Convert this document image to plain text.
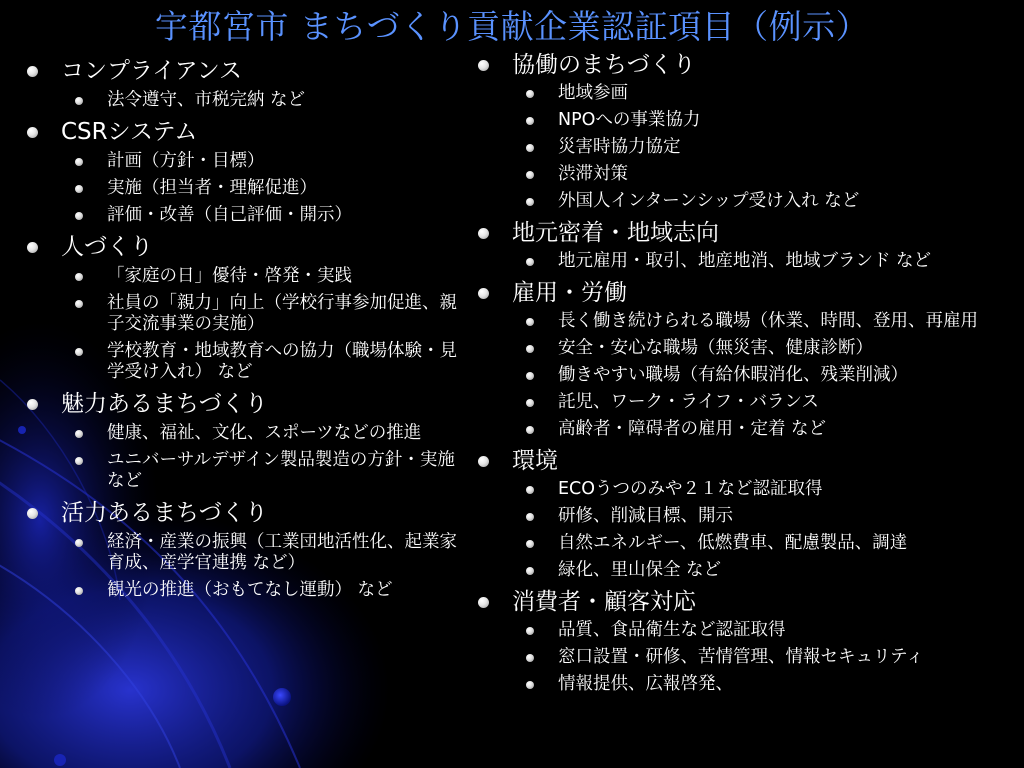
宇都宮市 まちづくり貢献企業認証項目（例示）
コンプライアンス
法令遵守、市税完納 など
CSRシステム
計画（方針・目標）
実施（担当者・理解促進）
評価・改善（自己評価・開示）
人づくり
「家庭の日」優待・啓発・実践
社員の「親力」向上（学校行事参加促進、親子交流事業の実施）
学校教育・地域教育への協力（職場体験・見学受け入れ） など
魅力あるまちづくり
健康、福祉、文化、スポーツなどの推進
ユニバーサルデザイン製品製造の方針・実施 など
活力あるまちづくり
経済・産業の振興（工業団地活性化、起業家育成、産学官連携 など）
観光の推進（おもてなし運動） など
協働のまちづくり
地域参画
NPOへの事業協力
災害時協力協定
渋滞対策
外国人インターンシップ受け入れ など
地元密着・地域志向
地元雇用・取引、地産地消、地域ブランド など
雇用・労働
長く働き続けられる職場（休業、時間、登用、再雇用
安全・安心な職場（無災害、健康診断）
働きやすい職場（有給休暇消化、残業削減）
託児、ワーク・ライフ・バランス
高齢者・障碍者の雇用・定着 など
環境
ECOうつのみや２１など認証取得
研修、削減目標、開示
自然エネルギー、低燃費車、配慮製品、調達
緑化、里山保全 など
消費者・顧客対応
品質、食品衛生など認証取得
窓口設置・研修、苦情管理、情報セキュリティ
情報提供、広報啓発、
